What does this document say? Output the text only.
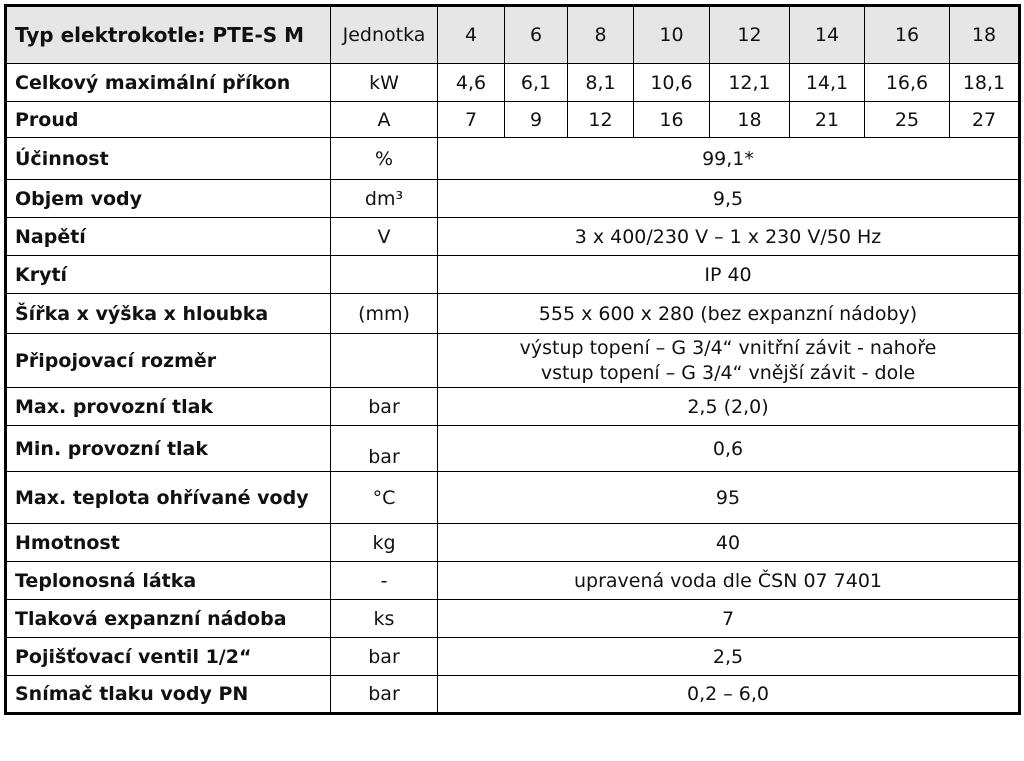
Typ elektrokotle: PTE-S M	Jednotka	4	6	8	10	12	14	16	18
Celkový maximální příkon	kW	4,6	6,1	8,1	10,6	12,1	14,1	16,6	18,1
Proud	A	7	9	12	16	18	21	25	27
Účinnost	%	99,1*							
Objem vody	dm³	9,5							
Napětí	V	3 x 400/230 V – 1 x 230 V/50 Hz							
Krytí		IP 40							
Šířka x výška x hloubka	(mm)	555 x 600 x 280 (bez expanzní nádoby)							
Připojovací rozměr		výstup topení – G 3/4“ vnitřní závit - nahoře
vstup topení – G 3/4“ vnější závit - dole							

Max. provozní tlak	bar	2,5 (2,0)							
Min. provozní tlak	bar	0,6							
Max. teplota ohřívané vody	°C	95							
Hmotnost	kg	40							
Teplonosná látka	-	upravená voda dle ČSN 07 7401							
Tlaková expanzní nádoba	ks	7							
Pojišťovací ventil 1/2“	bar	2,5							
Snímač tlaku vody PN	bar	0,2 – 6,0							
